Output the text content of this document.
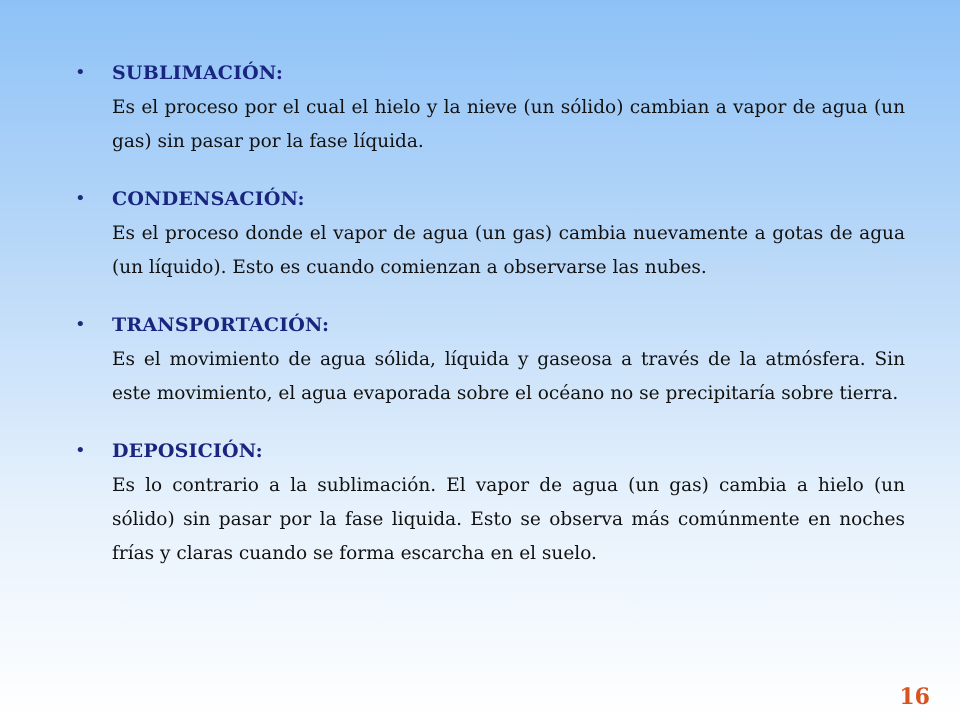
•	SUBLIMACIÓN:
Es el proceso por el cual el hielo y la nieve (un sólido) cambian a vapor de agua (un gas) sin pasar por la fase líquida.
•	CONDENSACIÓN:
Es el proceso donde el vapor de agua (un gas) cambia nuevamente a gotas de agua (un líquido). Esto es cuando comienzan a observarse las nubes.
•	TRANSPORTACIÓN:
Es el movimiento de agua sólida, líquida y gaseosa a través de la atmósfera. Sin este movimiento, el agua evaporada sobre el océano no se precipitaría sobre tierra.
•	DEPOSICIÓN:
Es lo contrario a la sublimación. El vapor de agua (un gas) cambia a hielo (un sólido) sin pasar por la fase liquida. Esto se observa más comúnmente en noches frías y claras cuando se forma escarcha en el suelo.
16
